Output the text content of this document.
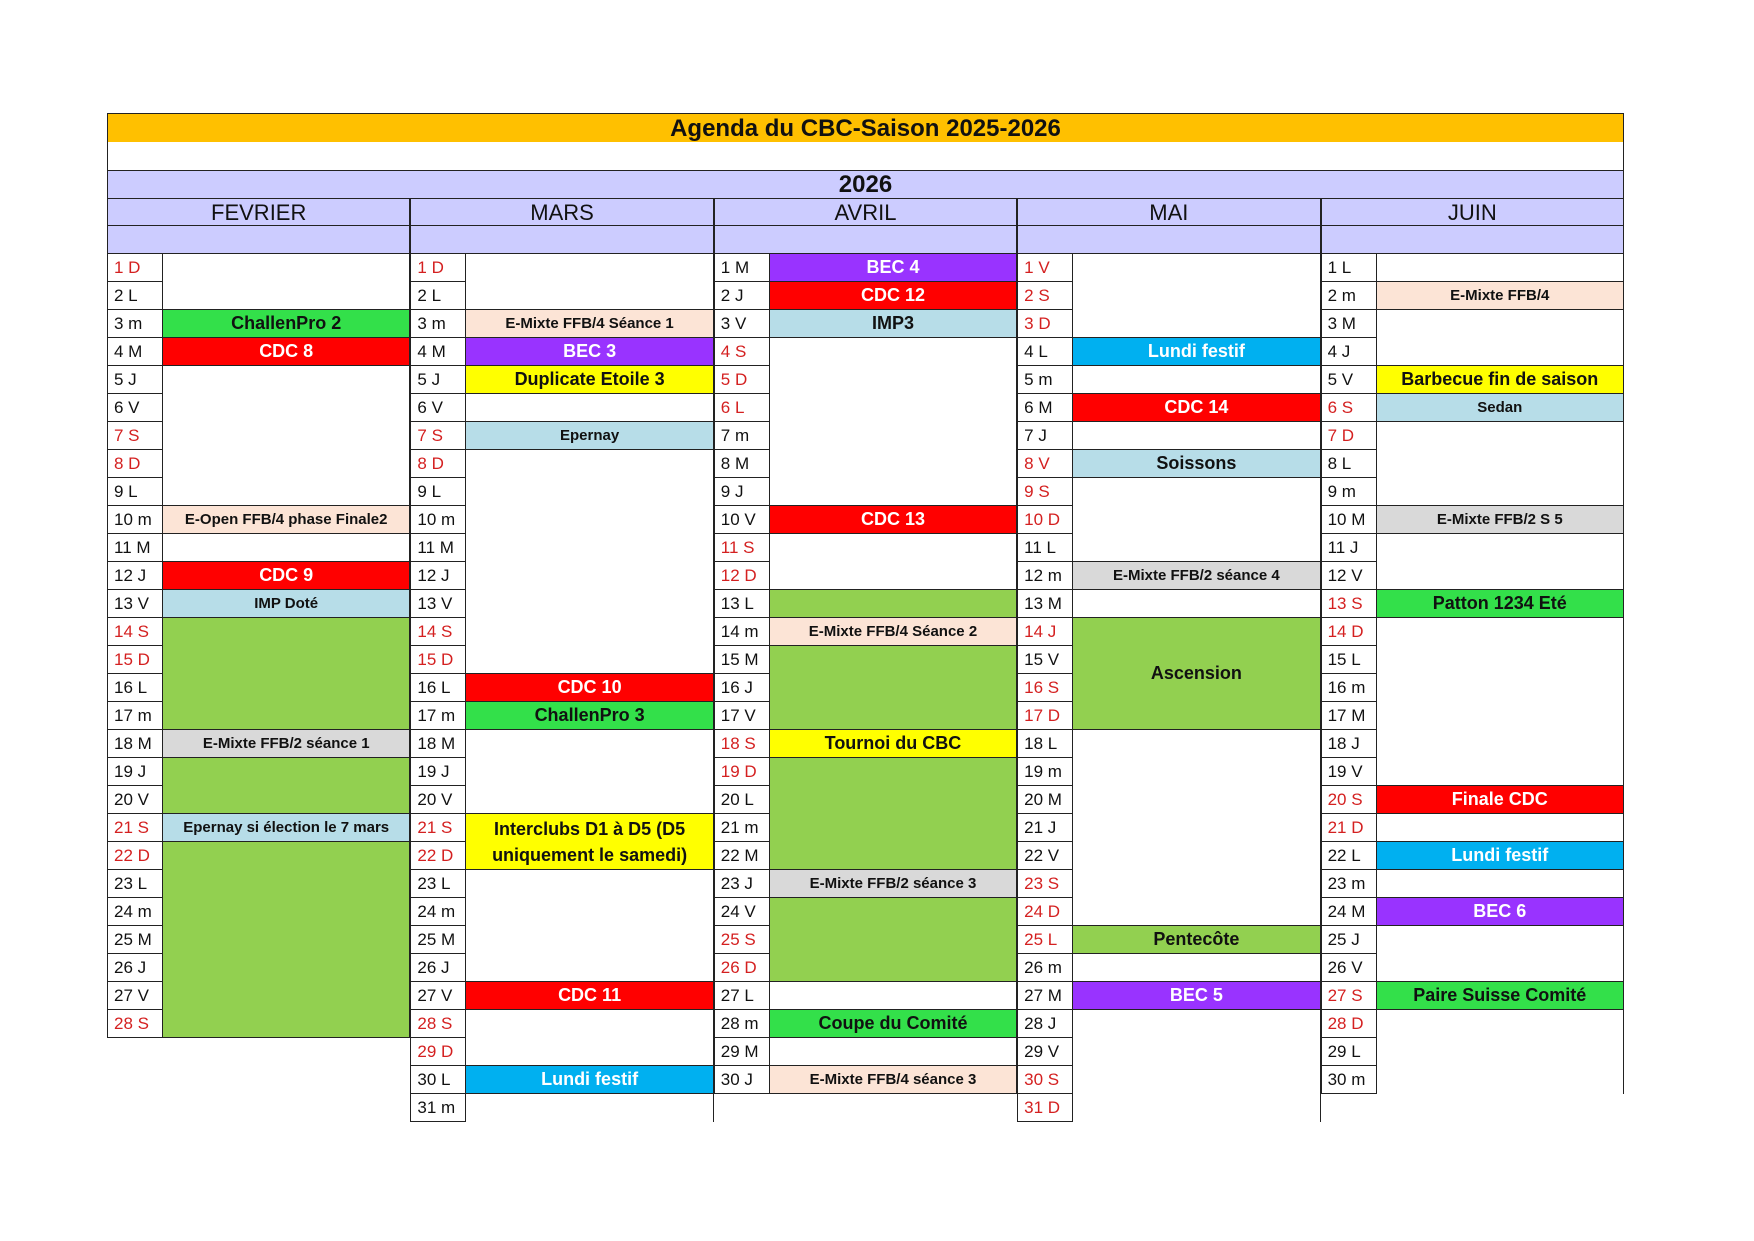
Agenda du CBC-Saison 2025-2026
2026
FEVRIER
1 D
2 L
3 m
4 M
5 J
6 V
7 S
8 D
9 L
10 m
11 M
12 J
13 V
14 S
15 D
16 L
17 m
18 M
19 J
20 V
21 S
22 D
23 L
24 m
25 M
26 J
27 V
28 S
ChallenPro 2
CDC 8
E-Open FFB/4 phase Finale2
CDC 9
IMP Doté
E-Mixte FFB/2 séance 1
Epernay si élection le 7 mars
MARS
1 D
2 L
3 m
4 M
5 J
6 V
7 S
8 D
9 L
10 m
11 M
12 J
13 V
14 S
15 D
16 L
17 m
18 M
19 J
20 V
21 S
22 D
23 L
24 m
25 M
26 J
27 V
28 S
29 D
30 L
31 m
E-Mixte FFB/4 Séance 1
BEC 3
Duplicate Etoile 3
Epernay
CDC 10
ChallenPro 3
Interclubs D1 à D5 (D5 uniquement le samedi)
CDC 11
Lundi festif
AVRIL
1 M
2 J
3 V
4 S
5 D
6 L
7 m
8 M
9 J
10 V
11 S
12 D
13 L
14 m
15 M
16 J
17 V
18 S
19 D
20 L
21 m
22 M
23 J
24 V
25 S
26 D
27 L
28 m
29 M
30 J
BEC 4
CDC 12
IMP3
CDC 13
E-Mixte FFB/4 Séance 2
Tournoi du CBC
E-Mixte FFB/2 séance 3
Coupe du Comité
E-Mixte FFB/4 séance 3
MAI
1 V
2 S
3 D
4 L
5 m
6 M
7 J
8 V
9 S
10 D
11 L
12 m
13 M
14 J
15 V
16 S
17 D
18 L
19 m
20 M
21 J
22 V
23 S
24 D
25 L
26 m
27 M
28 J
29 V
30 S
31 D
Lundi festif
CDC 14
Soissons
E-Mixte FFB/2 séance 4
Ascension
Pentecôte
BEC 5
JUIN
1 L
2 m
3 M
4 J
5 V
6 S
7 D
8 L
9 m
10 M
11 J
12 V
13 S
14 D
15 L
16 m
17 M
18 J
19 V
20 S
21 D
22 L
23 m
24 M
25 J
26 V
27 S
28 D
29 L
30 m
E-Mixte FFB/4
Barbecue fin de saison
Sedan
E-Mixte FFB/2 S 5
Patton 1234 Eté
Finale CDC
Lundi festif
BEC 6
Paire Suisse Comité
